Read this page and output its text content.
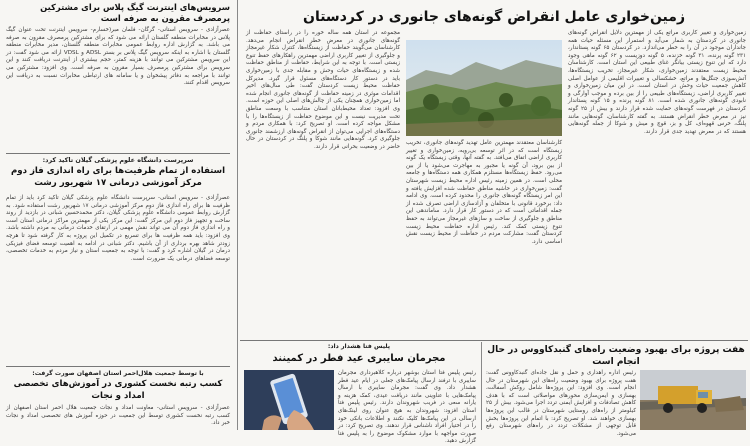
سرویس‌های اینترنت گیگ پلاس برای مشترکین پرمصرف مقرون به صرفه است
عصرآزادی - سرویس استانی- گرگان- فلمان مبر(خسارم- سرویس اینترنت تحت عنوان گیگ پلاس در مخابرات منطقه گلستان ارائه می شود که برای مشترکین پرمصرف مقرون به صرفه می باشد. به گزارش اداره روابط عمومی مخابرات منطقه گلستان، مدیر مخابرات منطقه گلستان با اشاره به اینکه سرویس گیگ پلاس بر بستر ADSL و VDSL ارائه می شود گفت: در این سرویس مشترکین می توانند با هزینه کمتر، حجم بیشتری از اینترنت دریافت کنند و این سرویس برای مشترکین پرمصرف بسیار مقرون به صرفه است. وی افزود: مشترکین می توانند با مراجعه به دفاتر پیشخوان و یا سامانه های ارتباطی مخابرات نسبت به دریافت این سرویس اقدام کنند.
سرپرست دانشگاه علوم پزشکی گیلان تاکید کرد:
استفاده از تمام ظرفیت‌ها برای راه اندازی فاز دوم مرکز آموزشی درمانی ۱۷ شهریور رشت
عصرآزادی - سرویس استانی- سرپرست دانشگاه علوم پزشکی گیلان تاکید کرد باید از تمام ظرفیت ها برای راه اندازی فاز دوم مرکز آموزشی درمانی ۱۷ شهریور رشت استفاده شود. به گزارش روابط عمومی دانشگاه علوم پزشکی گیلان، دکتر محمدحسین شبانی در بازدید از روند ساخت و تجهیز فاز دوم این مرکز گفت: این مرکز یکی از مهمترین مراکز درمانی استان است و راه اندازی فاز دوم آن می تواند نقش مهمی در ارتقای خدمات درمانی به مردم داشته باشد. وی افزود: باید همه ظرفیت ها برای تسریع در تکمیل این پروژه به کار گرفته شود تا هرچه زودتر شاهد بهره برداری از آن باشیم. دکتر شبانی در ادامه به اهمیت توسعه فضای فیزیکی درمان در گیلان اشاره کرد و گفت: با توجه به جمعیت استان و نیاز مردم به خدمات تخصصی، توسعه فضاهای درمانی یک ضرورت است.
با توسط جمعیت هلال‌احمر استان اصفهان صورت گرفت:
کسب رتبه نخست کشوری در آموزش‌های تخصصی امداد و نجات
عصرآزادی - سرویس استانی- معاونت امداد و نجات جمعیت هلال احمر استان اصفهان از کسب رتبه نخست کشوری توسط این جمعیت در حوزه آموزش های تخصصی امداد و نجات خبر داد.
زمین‌خواری عامل انقراض گونه‌های جانوری در کردستان
زمین‌خواری و تغییر کاربری مراتع یکی از مهمترین دلایل انقراض گونه‌های جانوری در کردستان به شمار می‌آید و استمرار این مسئله حیات همه جانداران موجود در آن را به خطر می‌اندازد. در کردستان ۶۵ گونه پستاندار، ۲۳۱ گونه پرنده، ۳۱ گونه خزنده، ۵ گونه دوزیست و ۶۲ گونه ماهی وجود دارد که این تنوع زیستی بیانگر غنای طبیعی این استان است. کارشناسان محیط زیست معتقدند زمین‌خواری، شکار غیرمجاز، تخریب زیستگاه‌ها، آتش‌سوزی جنگل‌ها و مراتع، خشکسالی و تغییرات اقلیمی از عوامل اصلی کاهش جمعیت حیات وحش در استان است. در این میان زمین‌خواری و تغییر کاربری اراضی، زیستگاه‌های طبیعی را از بین برده و موجب آوارگی و نابودی گونه‌های جانوری شده است. ۸۱ گونه پرنده و ۱۵ گونه پستاندار کردستان در فهرست گونه‌های حمایت شده قرار دارند و بیش از ۲۵ گونه نیز در معرض خطر انقراض هستند. به گفته کارشناسان، گونه‌هایی مانند پلنگ، خرس قهوه‌ای، کل و بز، قوچ و میش و شوکا از جمله گونه‌هایی هستند که در معرض تهدید جدی قرار دارند.
مجموعه در استان همه ساله خوره را در راستای حفاظت از گونه‌های جانوری در معرض خطر انقراض انجام می‌دهد. کارشناسان می‌گویند حفاظت از زیستگاه‌ها، کنترل شکار غیرمجاز و جلوگیری از تغییر کاربری اراضی مهمترین راهکارهای حفظ تنوع زیستی است. با توجه به این شرایط، حفاظت از مناطق حفاظت شده و زیستگاه‌های حیات وحش و مقابله جدی با زمین‌خواری باید در دستور کار دستگاه‌های مسئول قرار گیرد. مدیرکل حفاظت محیط زیست کردستان گفت: طی سال‌های اخیر اقدامات موثری در زمینه حفاظت از گونه‌های جانوری انجام شده اما زمین‌خواری همچنان یکی از چالش‌های اصلی این حوزه است. وی افزود: تعداد محیط‌بانان استان متناسب با وسعت مناطق تحت مدیریت نیست و این موضوع حفاظت از زیستگاه‌ها را با مشکل مواجه کرده است. او تصریح کرد: با همکاری مردم و دستگاه‌های اجرایی می‌توان از انقراض گونه‌های ارزشمند جانوری جلوگیری کرد. گونه‌هایی مانند شوکا و پلنگ در کردستان در حال حاضر در وضعیت بحرانی قرار دارند.
کارشناسان معتقدند مهمترین عامل تهدید گونه‌های جانوری، تخریب زیستگاه است که در اثر توسعه بی‌رویه، زمین‌خواری و تغییر کاربری اراضی اتفاق می‌افتد. به گفته آنها، وقتی زیستگاه یک گونه از بین برود، آن گونه یا مجبور به مهاجرت می‌شود یا از بین می‌رود. حفظ زیستگاه‌ها مستلزم همکاری همه دستگاه‌ها و جامعه محلی است. در همین زمینه رئیس اداره محیط زیست شهرستان گفت: زمین‌خواری در حاشیه مناطق حفاظت شده افزایش یافته و این امر زیستگاه گونه‌های جانوری را محدود کرده است. وی ادامه داد: برخورد قانونی با متخلفان و آزادسازی اراضی تصرف شده از جمله اقداماتی است که در دستور کار قرار دارد. ساماندهی این مناطق و جلوگیری از ساخت و سازهای غیرمجاز می‌تواند به حفظ تنوع زیستی کمک کند. رئیس اداره حفاظت محیط زیست کردستان گفت: مشارکت مردم در حفاظت از محیط زیست نقش اساسی دارد.
پلیس فتا هشدار داد:
مجرمان سایبری عید فطر در کمینند
رئیس پلیس فتا استان بوشهر درباره کلاهبرداری مجرمان سایبری با ترفند ارسال پیامک‌های جعلی در ایام عید فطر هشدار داد. وی گفت: مجرمان سایبری با ارسال پیامک‌هایی با عناوینی مانند دریافت عیدی، کمک هزینه و یارانه سعی در فریب شهروندان دارند. رئیس پلیس فتا استان افزود: شهروندان به هیچ عنوان روی لینک‌های ارسالی در این پیامک‌ها کلیک نکنند و اطلاعات بانکی خود را در اختیار افراد ناشناس قرار ندهند. وی تصریح کرد: در صورت مواجهه با موارد مشکوک موضوع را به پلیس فتا گزارش دهید.
هفت پروژه برای بهبود وضعیت راه‌های گنبدکاووس در حال انجام است
رئیس اداره راهداری و حمل و نقل جاده‌ای گنبدکاووس گفت: هفت پروژه برای بهبود وضعیت راه‌های این شهرستان در حال انجام است. وی افزود: این پروژه‌ها شامل روکش آسفالت، بهسازی و ایمن‌سازی محورهای مواصلاتی است که با هدف کاهش تصادفات و افزایش ایمنی تردد اجرا می‌شود. بیش از ۲۵ کیلومتر از راه‌های روستایی شهرستان در قالب این پروژه‌ها بهسازی خواهند شد. او تصریح کرد: با اتمام این پروژه‌ها بخش قابل توجهی از مشکلات تردد در راه‌های شهرستان رفع می‌شود.
